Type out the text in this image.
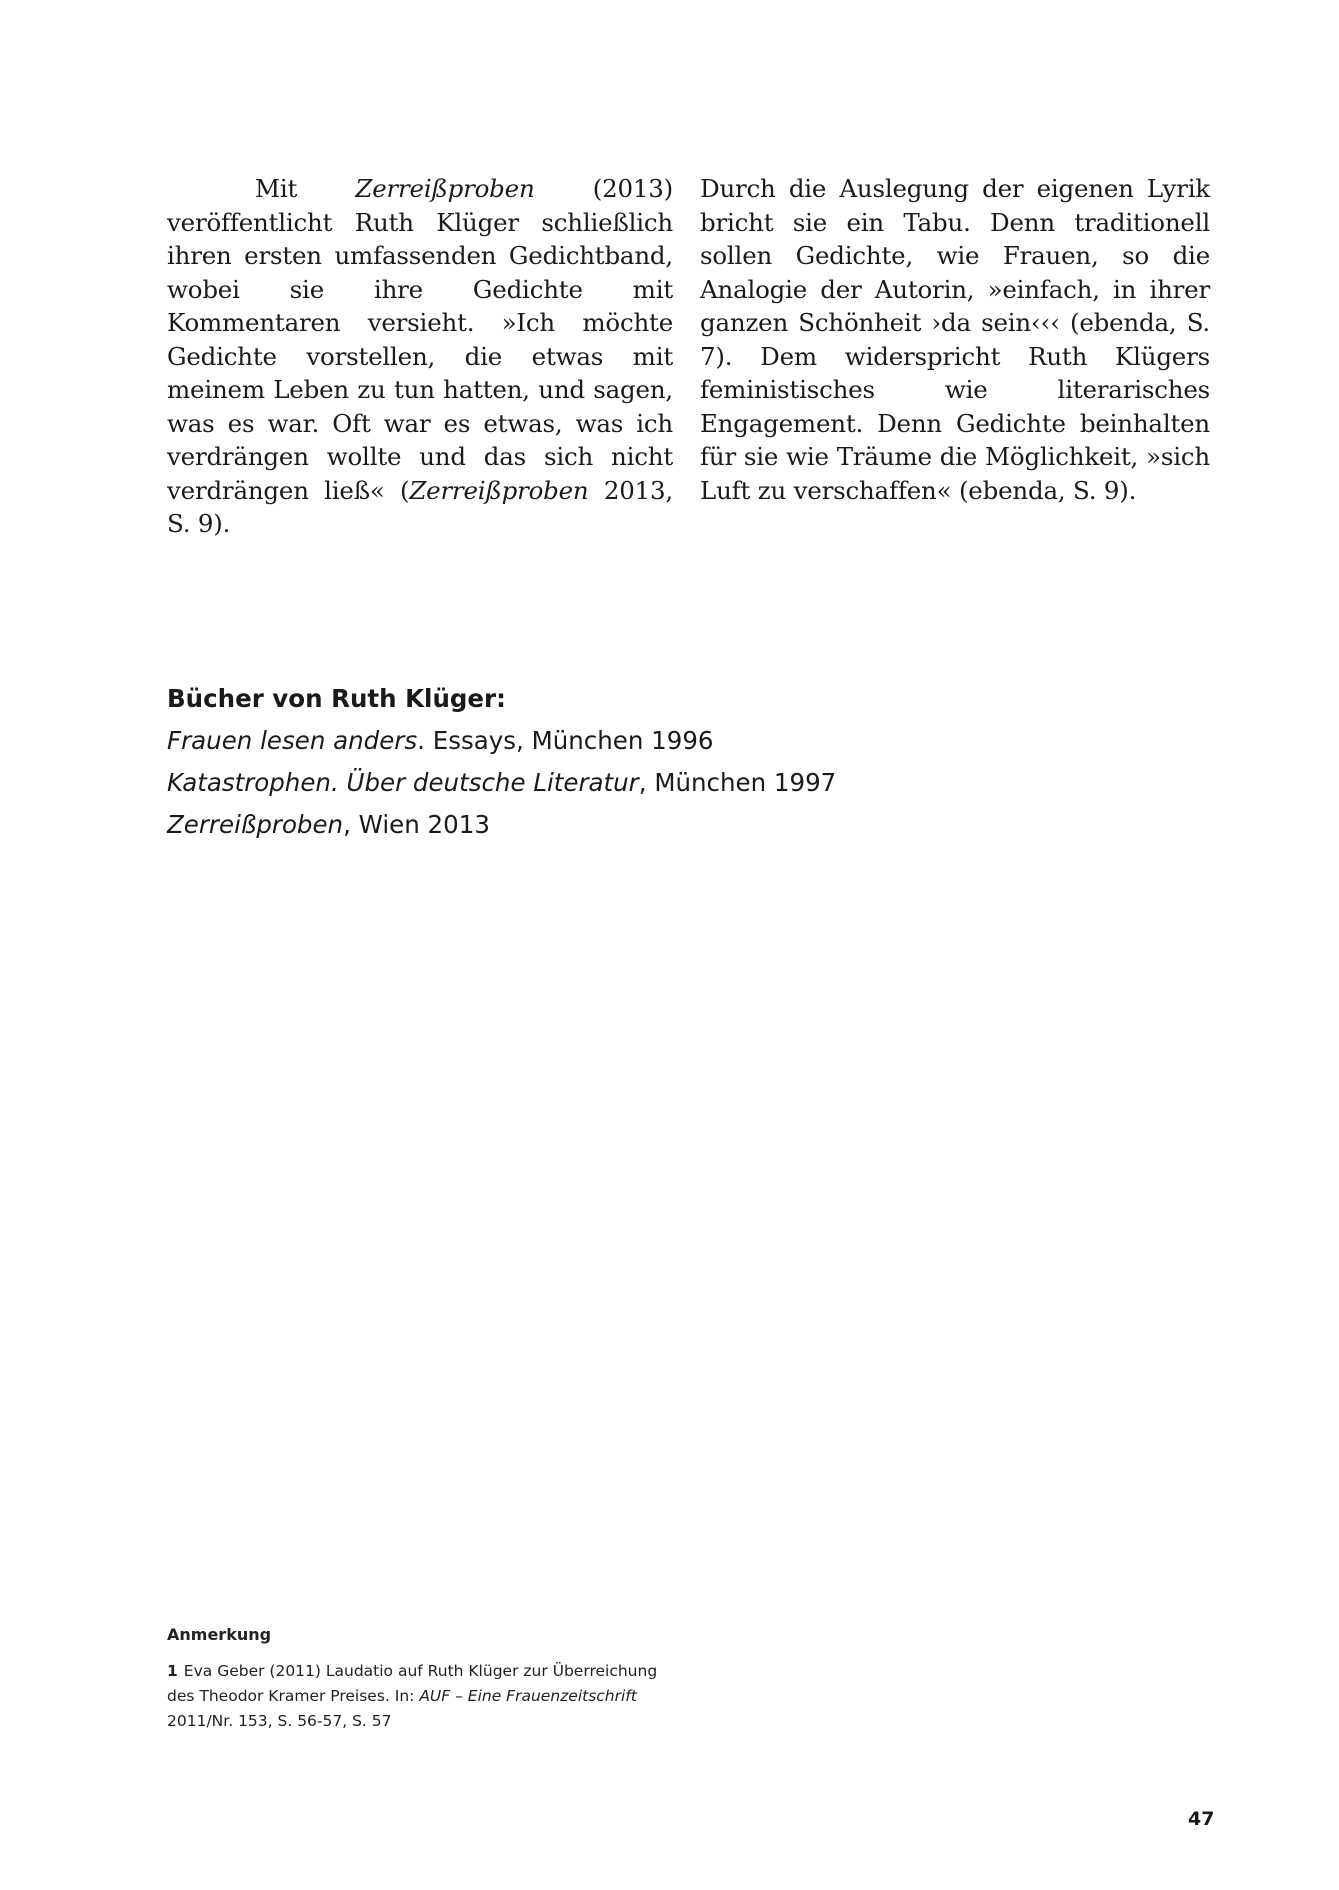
Mit Zerreißproben (2013) veröffentlicht Ruth Klüger schließlich ihren ersten umfassenden Gedichtband, wobei sie ihre Gedichte mit Kommentaren versieht. »Ich möchte Gedichte vorstellen, die etwas mit meinem Leben zu tun hatten, und sagen, was es war. Oft war es etwas, was ich verdrängen wollte und das sich nicht verdrängen ließ« (Zerreißproben 2013, S. 9).

Durch die Auslegung der eigenen Lyrik bricht sie ein Tabu. Denn traditionell sollen Gedichte, wie Frauen, so die Analogie der Autorin, »einfach, in ihrer ganzen Schönheit ›da sein‹‹‹ (ebenda, S. 7). Dem widerspricht Ruth Klügers feministisches wie literarisches Engagement. Denn Gedichte beinhalten für sie wie Träume die Möglichkeit, »sich Luft zu verschaffen« (ebenda, S. 9).

Bücher von Ruth Klüger:

Frauen lesen anders. Essays, München 1996

Katastrophen. Über deutsche Literatur, München 1997

Zerreißproben, Wien 2013

Anmerkung

1 Eva Geber (2011) Laudatio auf Ruth Klüger zur Überreichung des Theodor Kramer Preises. In: AUF – Eine Frauenzeitschrift 2011/Nr. 153, S. 56-57, S. 57

47
